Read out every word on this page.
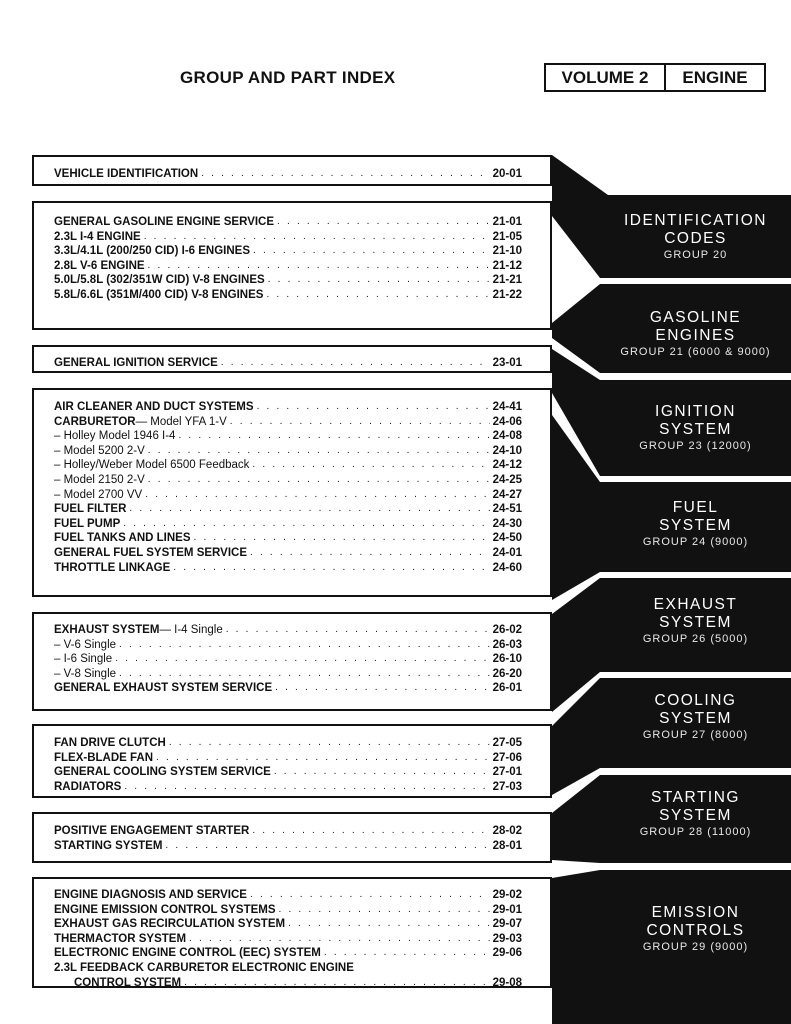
GROUP AND PART INDEX	VOLUME 2	ENGINE
VEHICLE IDENTIFICATION . . .	20-01
GENERAL GASOLINE ENGINE SERVICE . . .	21-01
2.3L I-4 ENGINE . . .	21-05
3.3L/4.1L (200/250 CID) I-6 ENGINES . . .	21-10
2.8L V-6 ENGINE . . .	21-12
5.0L/5.8L (302/351W CID) V-8 ENGINES . . .	21-21
5.8L/6.6L (351M/400 CID) V-8 ENGINES . . .	21-22
GENERAL IGNITION SERVICE . . .	23-01
AIR CLEANER AND DUCT SYSTEMS . . .	24-41
CARBURETOR — Model YFA 1-V . . .	24-06
– Holley Model 1946 I-4 . . .	24-08
– Model 5200 2-V . . .	24-10
– Holley/Weber Model 6500 Feedback . . .	24-12
– Model 2150 2-V . . .	24-25
– Model 2700 VV . . .	24-27
FUEL FILTER . . .	24-51
FUEL PUMP . . .	24-30
FUEL TANKS AND LINES . . .	24-50
GENERAL FUEL SYSTEM SERVICE . . .	24-01
THROTTLE LINKAGE . . .	24-60
EXHAUST SYSTEM — I-4 Single . . .	26-02
– V-6 Single . . .	26-03
– I-6 Single . . .	26-10
– V-8 Single . . .	26-20
GENERAL EXHAUST SYSTEM SERVICE . . .	26-01
FAN DRIVE CLUTCH . . .	27-05
FLEX-BLADE FAN . . .	27-06
GENERAL COOLING SYSTEM SERVICE . . .	27-01
RADIATORS . . .	27-03
POSITIVE ENGAGEMENT STARTER . . .	28-02
STARTING SYSTEM . . .	28-01
ENGINE DIAGNOSIS AND SERVICE . . .	29-02
ENGINE EMISSION CONTROL SYSTEMS . . .	29-01
EXHAUST GAS RECIRCULATION SYSTEM . . .	29-07
THERMACTOR SYSTEM . . .	29-03
ELECTRONIC ENGINE CONTROL (EEC) SYSTEM . . .	29-06
2.3L FEEDBACK CARBURETOR ELECTRONIC ENGINE
CONTROL SYSTEM . . .	29-08
IDENTIFICATION
CODES
GROUP 20
GASOLINE
ENGINES
GROUP 21 (6000 & 9000)
IGNITION
SYSTEM
GROUP 23 (12000)
FUEL
SYSTEM
GROUP 24 (9000)
EXHAUST
SYSTEM
GROUP 26 (5000)
COOLING
SYSTEM
GROUP 27 (8000)
STARTING
SYSTEM
GROUP 28 (11000)
EMISSION
CONTROLS
GROUP 29 (9000)
